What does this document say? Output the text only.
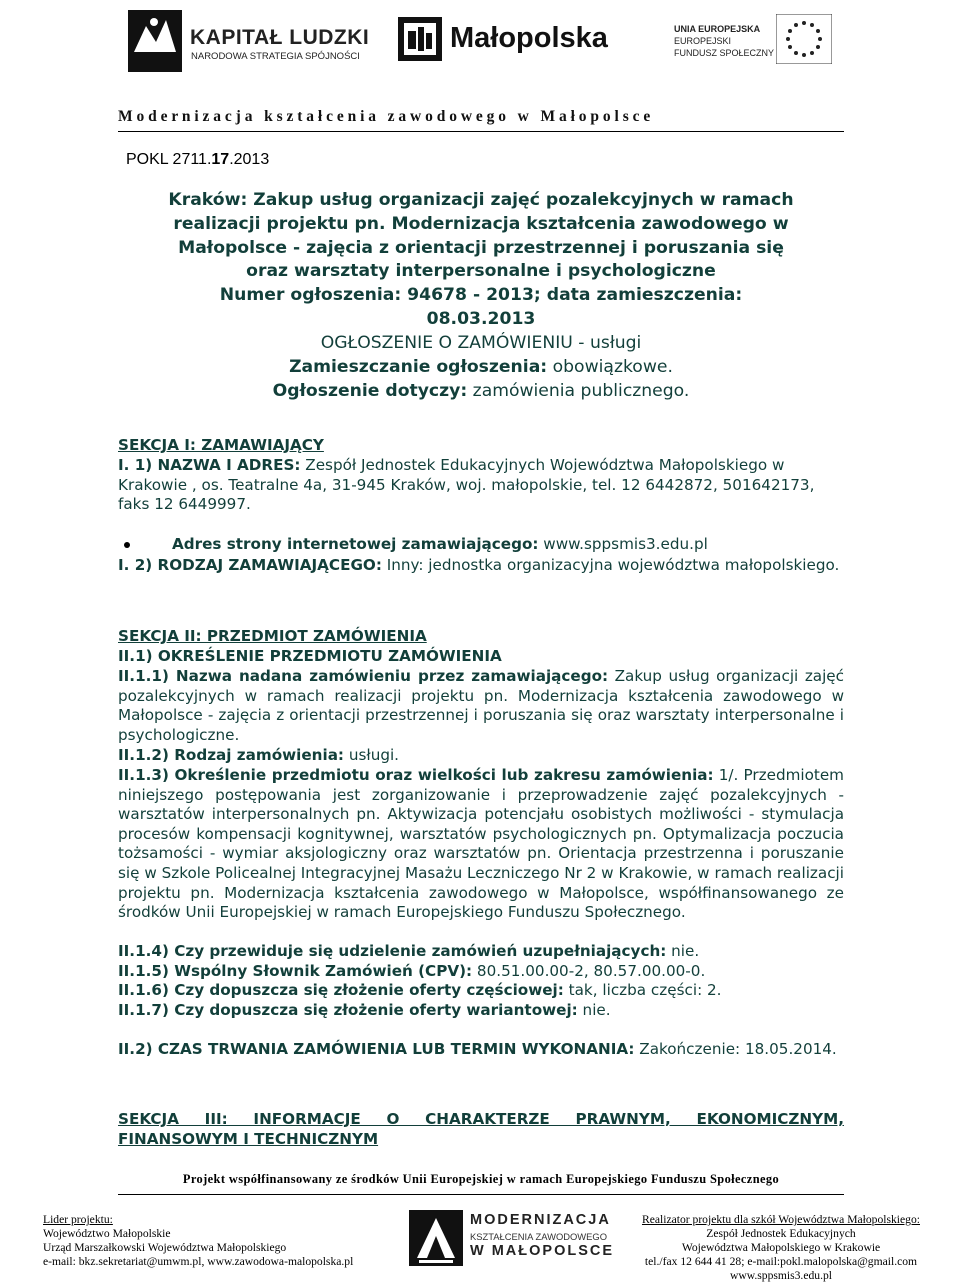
KAPITAŁ LUDZKI
NARODOWA STRATEGIA SPÓJNOŚCI
Małopolska	UNIA EUROPEJSKA
EUROPEJSKI
FUNDUSZ SPOŁECZNY
M o d e r n i z a c j a   k s z t a ł c e n i a   z a w o d o w e g o   w   M a ł o p o l s c e
POKL 2711.17.2013
Kraków: Zakup usług organizacji zajęć pozalekcyjnych w ramach
realizacji projektu pn. Modernizacja kształcenia zawodowego w
Małopolsce - zajęcia z orientacji przestrzennej i poruszania się
oraz warsztaty interpersonalne i psychologiczne
Numer ogłoszenia: 94678 - 2013; data zamieszczenia:
08.03.2013
OGŁOSZENIE O ZAMÓWIENIU - usługi
Zamieszczanie ogłoszenia: obowiązkowe.
Ogłoszenie dotyczy: zamówienia publicznego.
SEKCJA I: ZAMAWIAJĄCY
I. 1) NAZWA I ADRES: Zespół Jednostek Edukacyjnych Województwa Małopolskiego w Krakowie , os. Teatralne 4a, 31-945 Kraków, woj. małopolskie, tel. 12 6442872, 501642173, faks 12 6449997.
Adres strony internetowej zamawiającego: www.sppsmis3.edu.pl
I. 2) RODZAJ ZAMAWIAJĄCEGO: Inny: jednostka organizacyjna województwa małopolskiego.
SEKCJA II: PRZEDMIOT ZAMÓWIENIA
II.1) OKREŚLENIE PRZEDMIOTU ZAMÓWIENIA
II.1.1) Nazwa nadana zamówieniu przez zamawiającego: Zakup usług organizacji zajęć pozalekcyjnych w ramach realizacji projektu pn. Modernizacja kształcenia zawodowego w Małopolsce - zajęcia z orientacji przestrzennej i poruszania się oraz warsztaty interpersonalne i psychologiczne.
II.1.2) Rodzaj zamówienia: usługi.
II.1.3) Określenie przedmiotu oraz wielkości lub zakresu zamówienia: 1/. Przedmiotem niniejszego postępowania jest zorganizowanie i przeprowadzenie zajęć pozalekcyjnych - warsztatów interpersonalnych pn. Aktywizacja potencjału osobistych możliwości - stymulacja procesów kompensacji kognitywnej, warsztatów psychologicznych pn. Optymalizacja poczucia tożsamości - wymiar aksjologiczny oraz warsztatów pn. Orientacja przestrzenna i poruszanie się w Szkole Policealnej Integracyjnej Masażu Leczniczego Nr 2 w Krakowie, w ramach realizacji projektu pn. Modernizacja kształcenia zawodowego w Małopolsce, współfinansowanego ze środków Unii Europejskiej w ramach Europejskiego Funduszu Społecznego.
II.1.4) Czy przewiduje się udzielenie zamówień uzupełniających: nie.
II.1.5) Wspólny Słownik Zamówień (CPV): 80.51.00.00-2, 80.57.00.00-0.
II.1.6) Czy dopuszcza się złożenie oferty częściowej: tak, liczba części: 2.
II.1.7) Czy dopuszcza się złożenie oferty wariantowej: nie.
II.2) CZAS TRWANIA ZAMÓWIENIA LUB TERMIN WYKONANIA: Zakończenie: 18.05.2014.
SEKCJA III: INFORMACJE O CHARAKTERZE PRAWNYM, EKONOMICZNYM,
FINANSOWYM I TECHNICZNYM
Projekt współfinansowany ze środków Unii Europejskiej w ramach Europejskiego Funduszu Społecznego
Lider projektu:
Województwo Małopolskie
Urząd Marszałkowski Województwa Małopolskiego
e-mail: bkz.sekretariat@umwm.pl, www.zawodowa-malopolska.pl
MODERNIZACJA
KSZTAŁCENIA ZAWODOWEGO
W MAŁOPOLSCE
Realizator projektu dla szkół Województwa Małopolskiego:
Zespół Jednostek Edukacyjnych
Województwa Małopolskiego w Krakowie
tel./fax 12 644 41 28; e-mail:pokl.malopolska@gmail.com
www.sppsmis3.edu.pl
